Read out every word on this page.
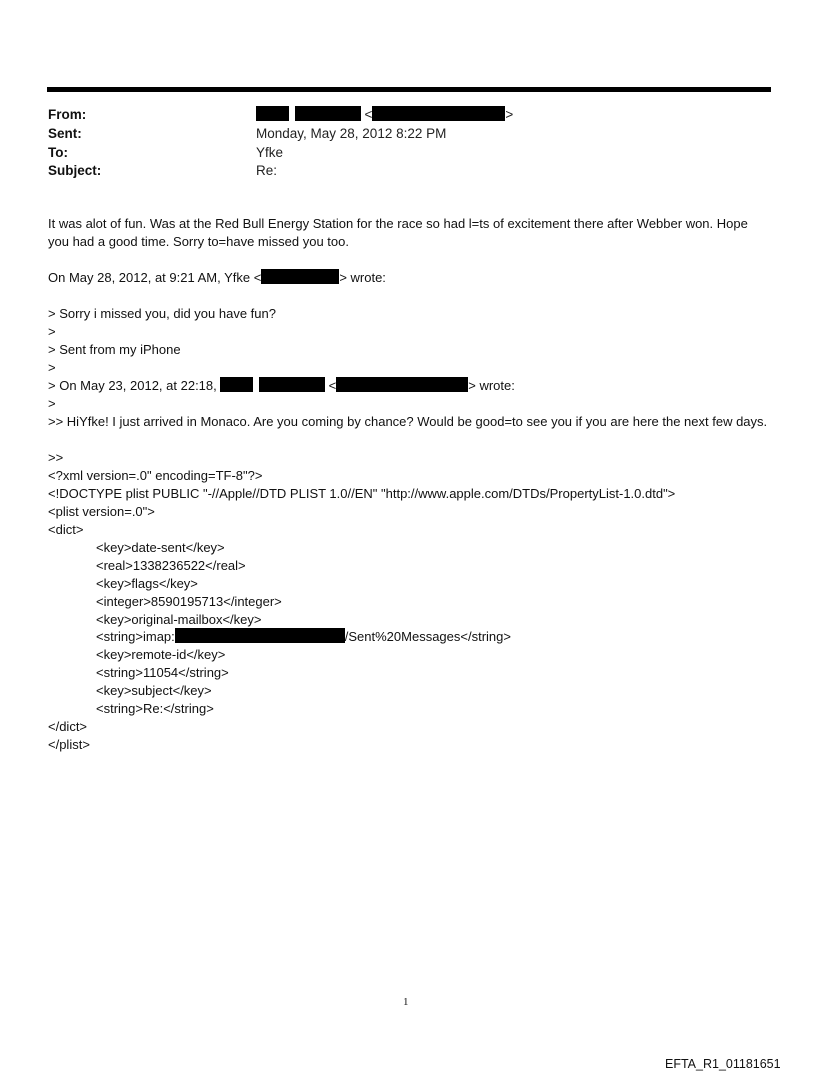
From:	<	>
Sent:	Monday, May 28, 2012 8:22 PM
To:	Yfke
Subject:	Re:
It was alot of fun. Was at the Red Bull Energy Station for the race so had l=ts of excitement there after Webber won. Hope you had a good time. Sorry to=have missed you too.
On May 28, 2012, at 9:21 AM, Yfke <	> wrote:
> Sorry i missed you, did you have fun?
>
> Sent from my iPhone
>
> On May 23, 2012, at 22:18,	<	> wrote:
>
>> HiYfke! I just arrived in Monaco. Are you coming by chance? Would be good=to see you if you are here the next few days.
>>
<?xml version=.0" encoding=TF-8"?>
<!DOCTYPE plist PUBLIC "-//Apple//DTD PLIST 1.0//EN" "http://www.apple.com/DTDs/PropertyList-1.0.dtd">
<plist version=.0">
<dict>
<key>date-sent</key>
<real>1338236522</real>
<key>flags</key>
<integer>8590195713</integer>
<key>original-mailbox</key>
<string>imap:	/Sent%20Messages</string>
<key>remote-id</key>
<string>11054</string>
<key>subject</key>
<string>Re:</string>
</dict>
</plist>
1
EFTA_R1_01181651
